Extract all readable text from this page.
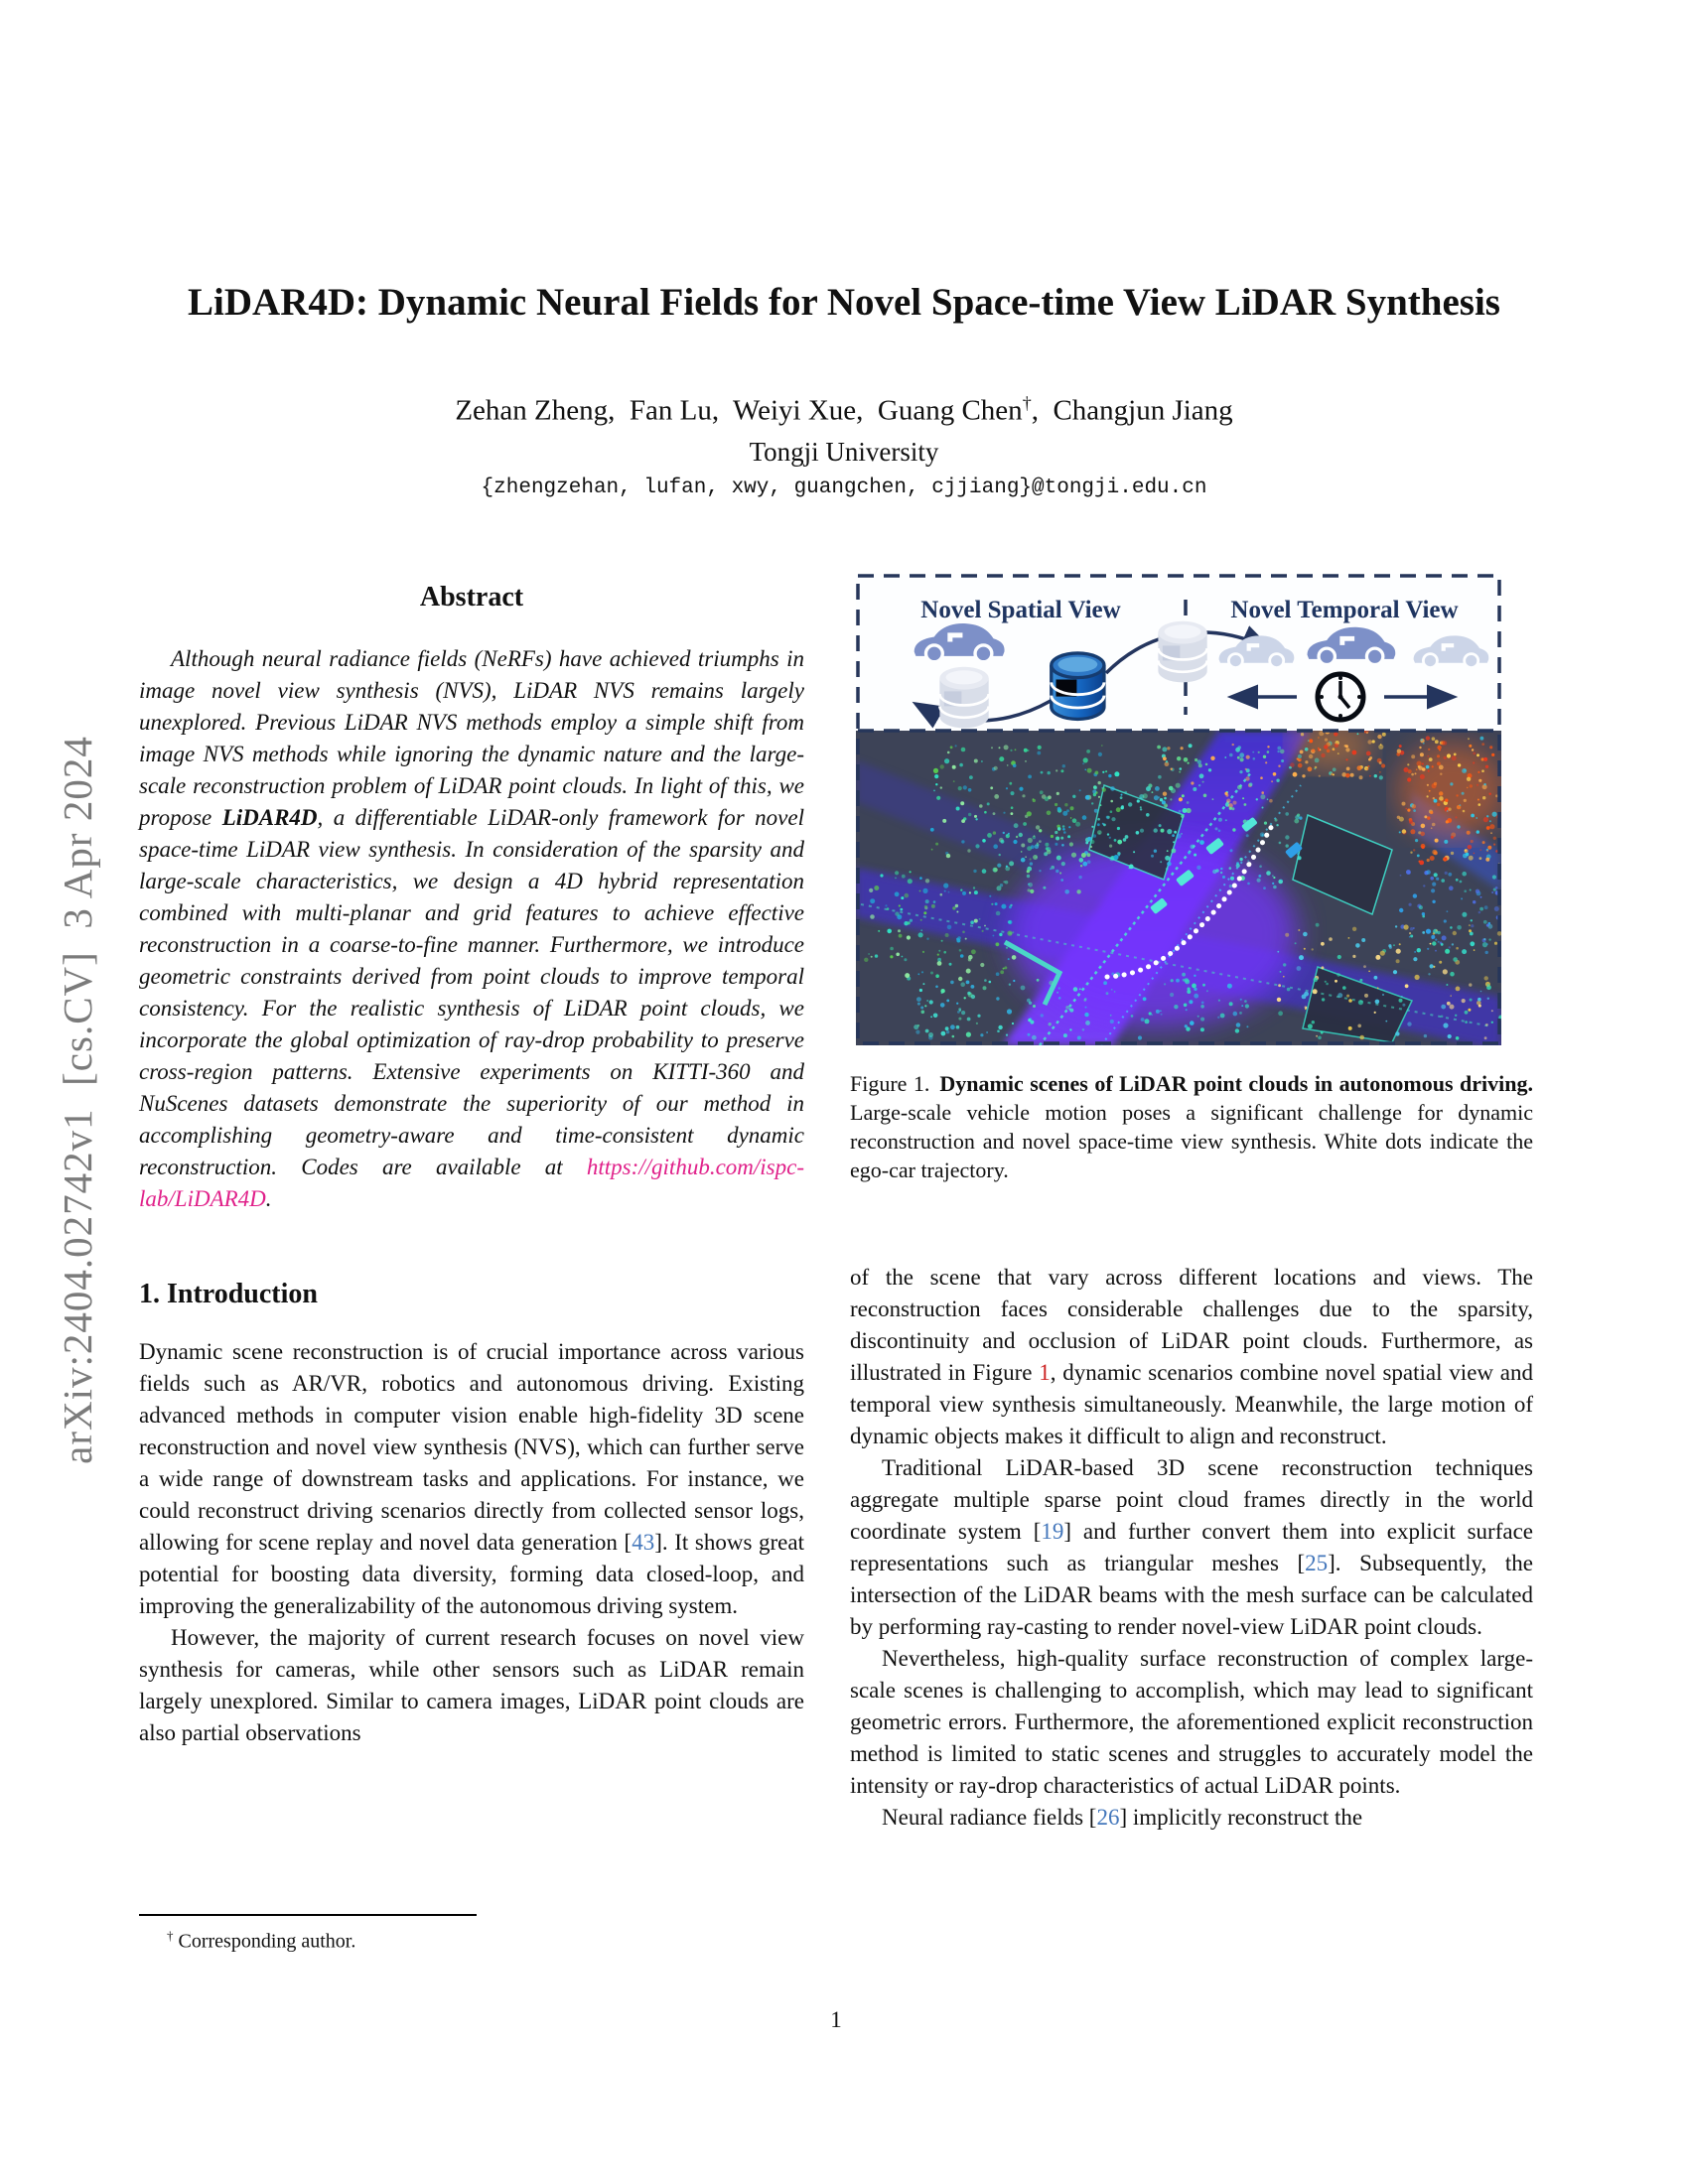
arXiv:2404.02742v1  [cs.CV]  3 Apr 2024
LiDAR4D: Dynamic Neural Fields for Novel Space-time View LiDAR Synthesis
Zehan Zheng,  Fan Lu,  Weiyi Xue,  Guang Chen†,  Changjun Jiang
Tongji University
{zhengzehan, lufan, xwy, guangchen, cjjiang}@tongji.edu.cn
Abstract

Although neural radiance fields (NeRFs) have achieved triumphs in image novel view synthesis (NVS), LiDAR NVS remains largely unexplored. Previous LiDAR NVS methods employ a simple shift from image NVS methods while ignoring the dynamic nature and the large-scale reconstruction problem of LiDAR point clouds. In light of this, we propose LiDAR4D, a differentiable LiDAR-only framework for novel space-time LiDAR view synthesis. In consideration of the sparsity and large-scale characteristics, we design a 4D hybrid representation combined with multi-planar and grid features to achieve effective reconstruction in a coarse-to-fine manner. Furthermore, we introduce geometric constraints derived from point clouds to improve temporal consistency. For the realistic synthesis of LiDAR point clouds, we incorporate the global optimization of ray-drop probability to preserve cross-region patterns. Extensive experiments on KITTI-360 and NuScenes datasets demonstrate the superiority of our method in accomplishing geometry-aware and time-consistent dynamic reconstruction. Codes are available at https://github.com/ispc-lab/LiDAR4D.

1. Introduction

Dynamic scene reconstruction is of crucial importance across various fields such as AR/VR, robotics and autonomous driving. Existing advanced methods in computer vision enable high-fidelity 3D scene reconstruction and novel view synthesis (NVS), which can further serve a wide range of downstream tasks and applications. For instance, we could reconstruct driving scenarios directly from collected sensor logs, allowing for scene replay and novel data generation [43]. It shows great potential for boosting data diversity, forming data closed-loop, and improving the generalizability of the autonomous driving system.

However, the majority of current research focuses on novel view synthesis for cameras, while other sensors such as LiDAR remain largely unexplored. Similar to camera images, LiDAR point clouds are also partial observations

† Corresponding author.
Novel Spatial View	Novel Temporal View
Figure 1. Dynamic scenes of LiDAR point clouds in autonomous driving. Large-scale vehicle motion poses a significant challenge for dynamic reconstruction and novel space-time view synthesis. White dots indicate the ego-car trajectory.

of the scene that vary across different locations and views. The reconstruction faces considerable challenges due to the sparsity, discontinuity and occlusion of LiDAR point clouds. Furthermore, as illustrated in Figure 1, dynamic scenarios combine novel spatial view and temporal view synthesis simultaneously. Meanwhile, the large motion of dynamic objects makes it difficult to align and reconstruct.

Traditional LiDAR-based 3D scene reconstruction techniques aggregate multiple sparse point cloud frames directly in the world coordinate system [19] and further convert them into explicit surface representations such as triangular meshes [25]. Subsequently, the intersection of the LiDAR beams with the mesh surface can be calculated by performing ray-casting to render novel-view LiDAR point clouds.

Nevertheless, high-quality surface reconstruction of complex large-scale scenes is challenging to accomplish, which may lead to significant geometric errors. Furthermore, the aforementioned explicit reconstruction method is limited to static scenes and struggles to accurately model the intensity or ray-drop characteristics of actual LiDAR points.

Neural radiance fields [26] implicitly reconstruct the

1
